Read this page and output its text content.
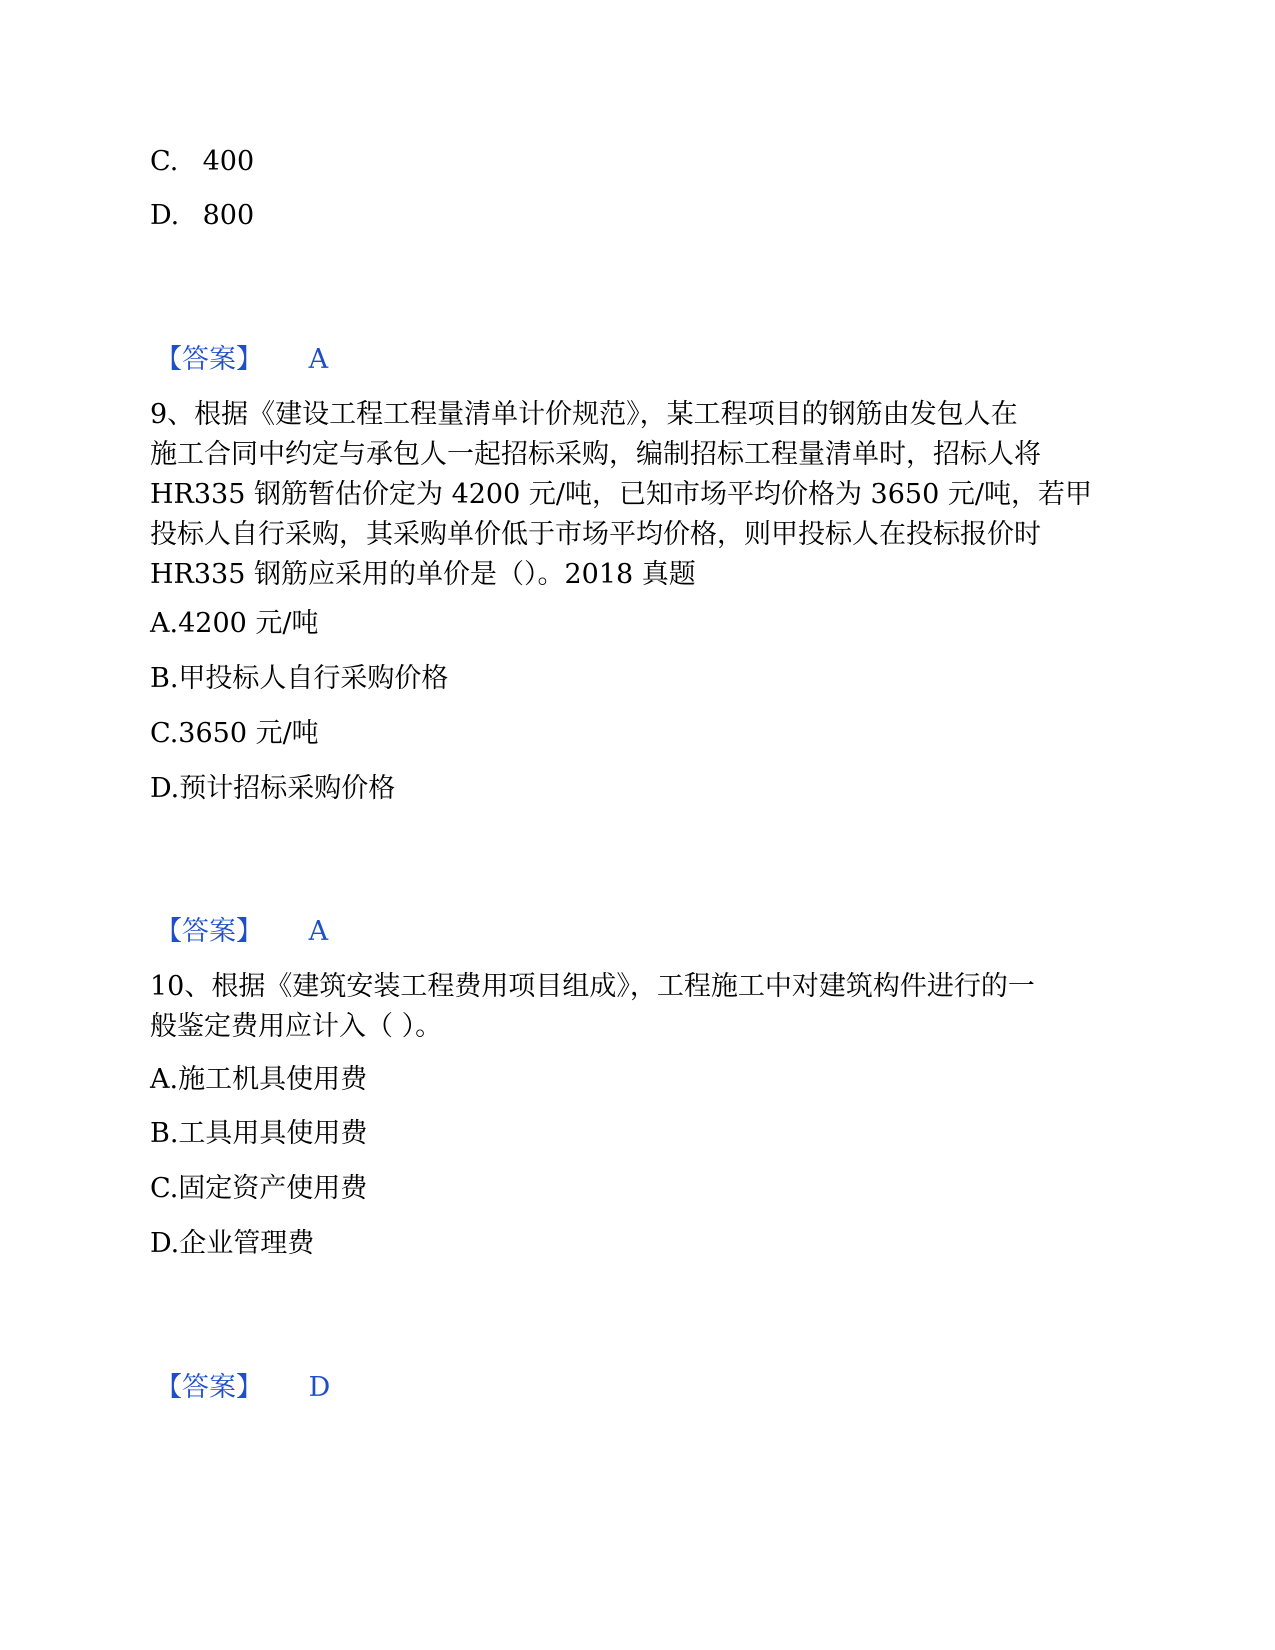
C. 400
D. 800
【答案】 A
9、根据《建设工程工程量清单计价规范》，某工程项目的钢筋由发包人在
施工合同中约定与承包人一起招标采购，编制招标工程量清单时，招标人将
HR335 钢筋暂估价定为 4200 元/吨，已知市场平均价格为 3650 元/吨，若甲
投标人自行采购，其采购单价低于市场平均价格，则甲投标人在投标报价时
HR335 钢筋应采用的单价是（）。2018 真题
A.4200 元/吨
B.甲投标人自行采购价格
C.3650 元/吨
D.预计招标采购价格
【答案】 A
10、根据《建筑安装工程费用项目组成》，工程施工中对建筑构件进行的一
般鉴定费用应计入（ ）。
A.施工机具使用费
B.工具用具使用费
C.固定资产使用费
D.企业管理费
【答案】 D
